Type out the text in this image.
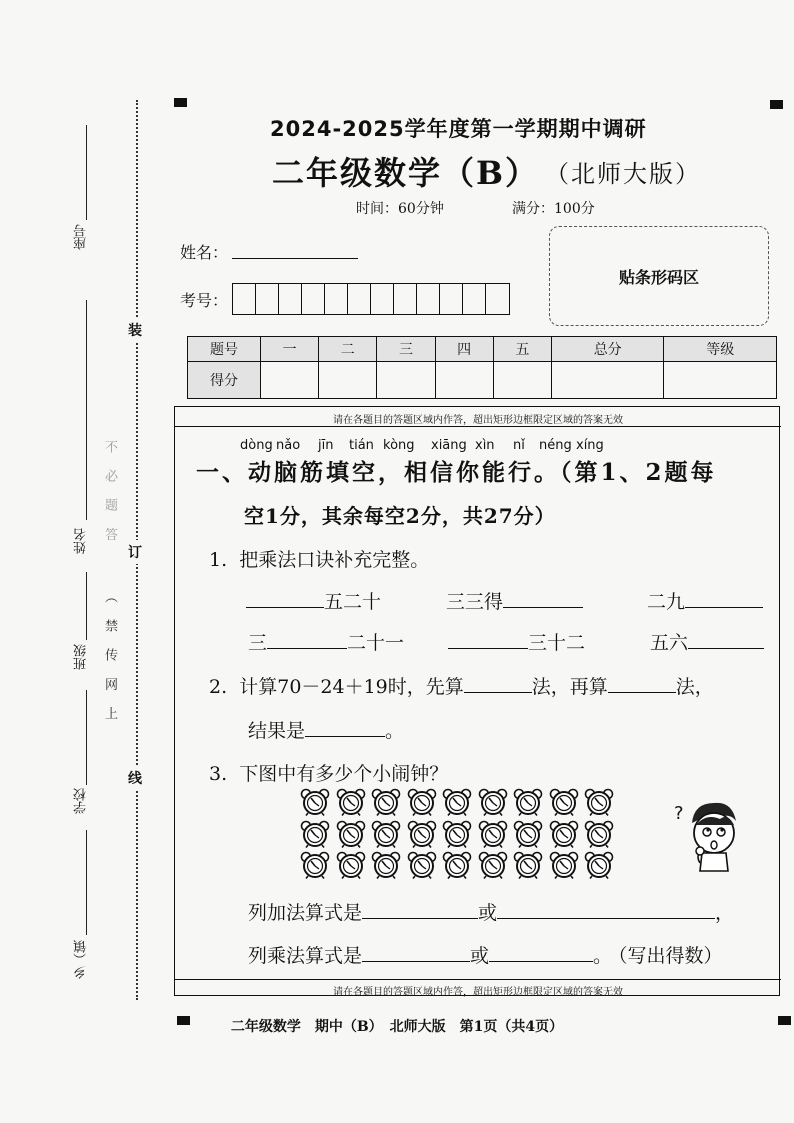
座号
姓名
班级
学校
乡（镇
不 必 题 答
（ 禁 传 网 上
装
订
线
2024-2025学年度第一学期期中调研
二年级数学（B） （北师大版）
时间：60分钟	满分：100分
姓名：
考号：
贴条形码区
题号	一	二	三	四	五	总分	等级
得分							
请在各题目的答题区域内作答，超出矩形边框限定区域的答案无效
请在各题目的答题区域内作答，超出矩形边框限定区域的答案无效
dòng nǎo jīn tián kòng xiāng xìn nǐ néng xíng
一、动脑筋填空，相信你能行。（第1、2题每
空1分，其余每空2分，共27分）
1. 把乘法口诀补充完整。
五二十	三三得	二九
三	二十一	三十二	五六
2. 计算70－24＋19时，先算	法，再算	法，
结果是	。
3. 下图中有多少个小闹钟？
?
列加法算式是	或	，
列乘法算式是	或	。 （写出得数）
二年级数学　期中（B）　北师大版　第1页（共4页）
